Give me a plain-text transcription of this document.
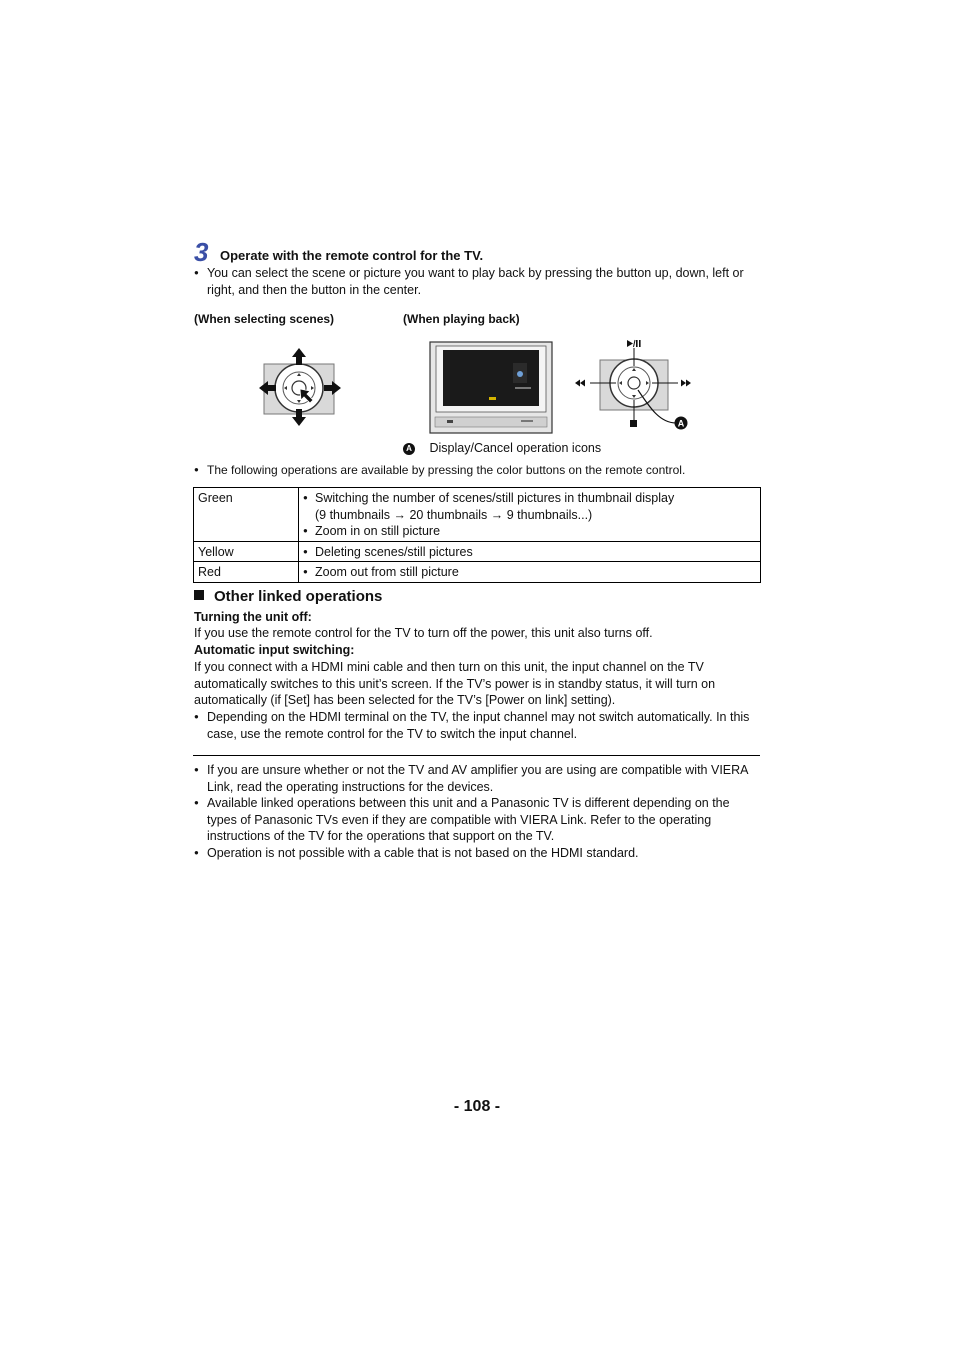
3 Operate with the remote control for the TV.
● You can select the scene or picture you want to play back by pressing the button up, down, left or right, and then the button in the center.
(When selecting scenes)	(When playing back)
A
A Display/Cancel operation icons
● The following operations are available by pressing the color buttons on the remote control.
Green	● Switching the number of scenes/still pictures in thumbnail display
(9 thumbnails → 20 thumbnails → 9 thumbnails...)
● Zoom in on still picture

Yellow	● Deleting scenes/still pictures

Red	● Zoom out from still picture
Other linked operations
Turning the unit off:
If you use the remote control for the TV to turn off the power, this unit also turns off.
Automatic input switching:
If you connect with a HDMI mini cable and then turn on this unit, the input channel on the TV automatically switches to this unit’s screen. If the TV’s power is in standby status, it will turn on automatically (if [Set] has been selected for the TV’s [Power on link] setting).
● Depending on the HDMI terminal on the TV, the input channel may not switch automatically. In this case, use the remote control for the TV to switch the input channel.
● If you are unsure whether or not the TV and AV amplifier you are using are compatible with VIERA Link, read the operating instructions for the devices.
● Available linked operations between this unit and a Panasonic TV is different depending on the types of Panasonic TVs even if they are compatible with VIERA Link. Refer to the operating instructions of the TV for the operations that support on the TV.
● Operation is not possible with a cable that is not based on the HDMI standard.
- 108 -
